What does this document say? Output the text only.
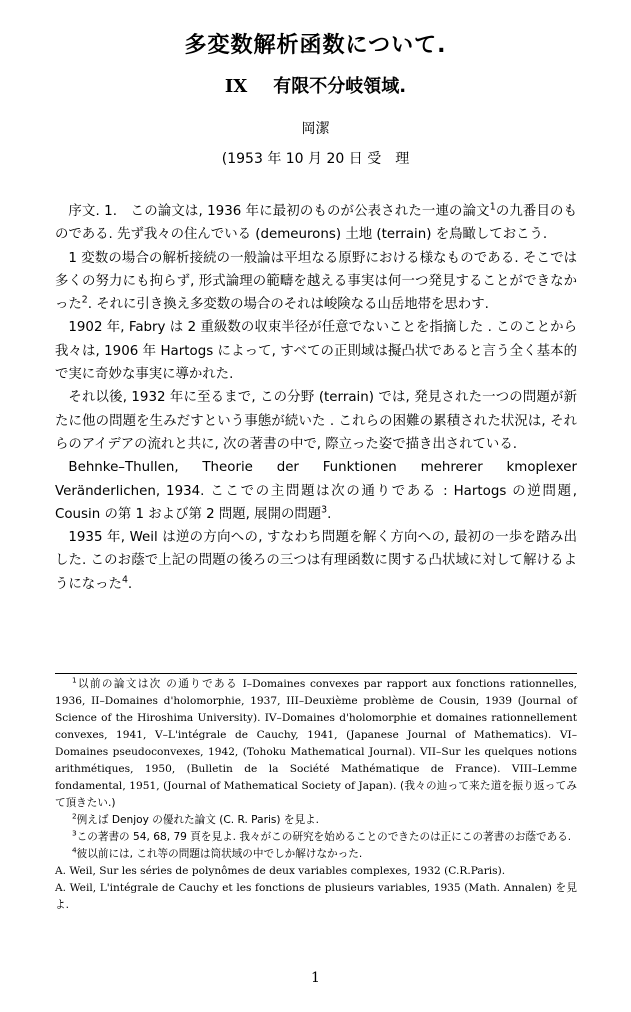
多変数解析函数について.
IX 有限不分岐領域.
岡潔
(1953 年 10 月 20 日 受　理

序文. 1.　この論文は, 1936 年に最初のものが公表された一連の論文$^1$の九番目のものである. 先ず我々の住んでいる (demeurons) 土地 (terrain) を鳥瞰しておこう.

1 変数の場合の解析接続の一般論は平坦なる原野における様なものである. そこでは多くの努力にも拘らず, 形式論理の範疇を越える事実は何一つ発見することができなかった$^2$. それに引き換え多変数の場合のそれは峻険なる山岳地帯を思わす.

1902 年, Fabry は 2 重級数の収束半径が任意でないことを指摘した . このことから我々は, 1906 年 Hartogs によって, すべての正則域は擬凸状であると言う全く基本的で実に奇妙な事実に導かれた.

それ以後, 1932 年に至るまで, この分野 (terrain) では, 発見された一つの問題が新たに他の問題を生みだすという事態が続いた . これらの困難の累積された状況は, それらのアイデアの流れと共に, 次の著書の中で, 際立った姿で描き出されている.

Behnke–Thullen, Theorie der Funktionen mehrerer kmoplexer Veränderlichen, 1934. ここでの主問題は次の通りである : Hartogs の逆問題, Cousin の第 1 および第 2 問題, 展開の問題$^3$.

1935 年, Weil は逆の方向への, すなわち問題を解く方向への, 最初の一歩を踏み出した. このお蔭で上記の問題の後ろの三つは有理函数に関する凸状域に対して解けるようになった$^4$.

$^1$以前の論文は次 の通りである I–Domaines convexes par rapport aux fonctions rationnelles, 1936, II–Domaines d'holomorphie, 1937, III–Deuxième problème de Cousin, 1939 (Journal of Science of the Hiroshima University). IV–Domaines d'holomorphie et domaines rationnellement convexes, 1941, V–L'intégrale de Cauchy, 1941, (Japanese Journal of Mathematics). VI–Domaines pseudoconvexes, 1942, (Tohoku Mathematical Journal). VII–Sur les quelques notions arithmétiques, 1950, (Bulletin de la Société Mathématique de France). VIII–Lemme fondamental, 1951, (Journal of Mathematical Society of Japan). (我々の辿って来た道を振り返ってみて頂きたい.)

$^2$例えば Denjoy の優れた論文 (C. R. Paris) を見よ.

$^3$この著書の 54, 68, 79 頁を見よ. 我々がこの研究を始めることのできたのは正にこの著書のお蔭である.

$^4$彼以前には, これ等の問題は筒状域の中でしか解けなかった.

A. Weil, Sur les séries de polynômes de deux variables complexes, 1932 (C.R.Paris).

A. Weil, L'intégrale de Cauchy et les fonctions de plusieurs variables, 1935 (Math. Annalen) を見よ.

1
